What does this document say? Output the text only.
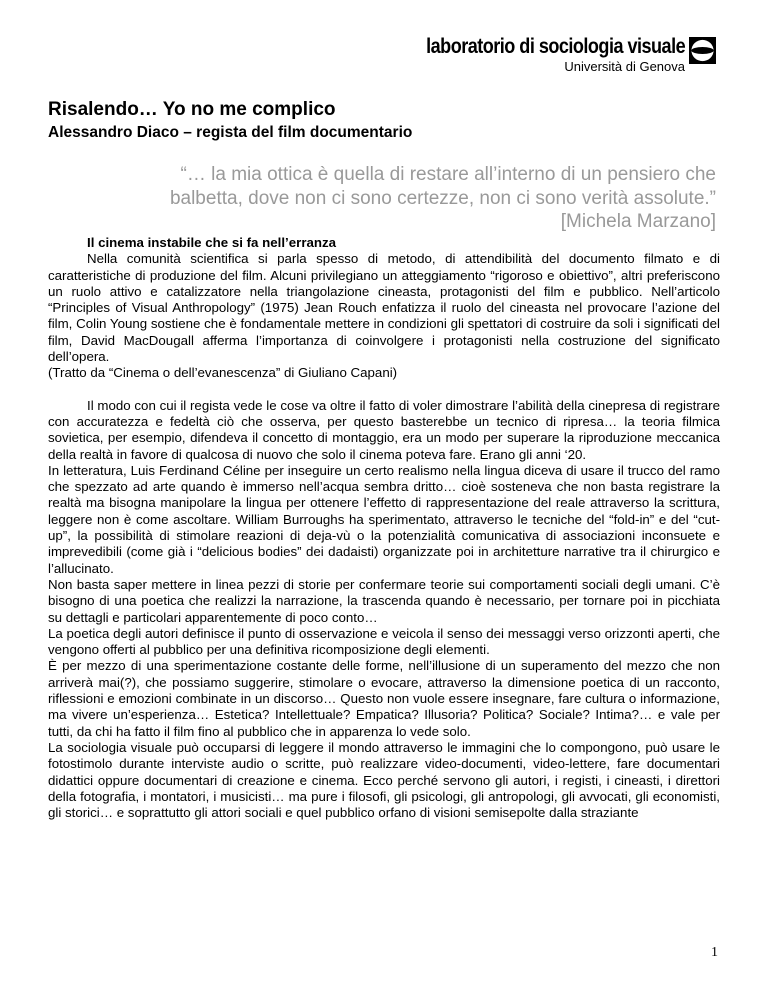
laboratorio di sociologia visuale
Università di Genova
Risalendo… Yo no me complico
Alessandro Diaco – regista del film documentario
“… la mia ottica è quella di restare all’interno di un pensiero che
balbetta, dove non ci sono certezze, non ci sono verità assolute.”
[Michela Marzano]

Il cinema instabile che si fa nell’erranza

Nella comunità scientifica si parla spesso di metodo, di attendibilità del documento filmato e di caratteristiche di produzione del film. Alcuni privilegiano un atteggiamento “rigoroso e obiettivo”, altri preferiscono un ruolo attivo e catalizzatore nella triangolazione cineasta, protagonisti del film e pubblico. Nell’articolo “Principles of Visual Anthropology” (1975) Jean Rouch enfatizza il ruolo del cineasta nel provocare l’azione del film, Colin Young sostiene che è fondamentale mettere in condizioni gli spettatori di costruire da soli i significati del film, David MacDougall afferma l’importanza di coinvolgere i protagonisti nella costruzione del significato dell’opera.

(Tratto da “Cinema o dell’evanescenza” di Giuliano Capani)

Il modo con cui il regista vede le cose va oltre il fatto di voler dimostrare l’abilità della cinepresa di registrare con accuratezza e fedeltà ciò che osserva, per questo basterebbe un tecnico di ripresa… la teoria filmica sovietica, per esempio, difendeva il concetto di montaggio, era un modo per superare la riproduzione meccanica della realtà in favore di qualcosa di nuovo che solo il cinema poteva fare. Erano gli anni ‘20.

In letteratura, Luis Ferdinand Céline per inseguire un certo realismo nella lingua diceva di usare il trucco del ramo che spezzato ad arte quando è immerso nell’acqua sembra dritto… cioè sosteneva che non basta registrare la realtà ma bisogna manipolare la lingua per ottenere l’effetto di rappresentazione del reale attraverso la scrittura, leggere non è come ascoltare. William Burroughs ha sperimentato, attraverso le tecniche del “fold-in” e del “cut-up”, la possibilità di stimolare reazioni di deja-vù o la potenzialità comunicativa di associazioni inconsuete e imprevedibili (come già i “delicious bodies” dei dadaisti) organizzate poi in architetture narrative tra il chirurgico e l’allucinato.

Non basta saper mettere in linea pezzi di storie per confermare teorie sui comportamenti sociali degli umani. C’è bisogno di una poetica che realizzi la narrazione, la trascenda quando è necessario, per tornare poi in picchiata su dettagli e particolari apparentemente di poco conto…

La poetica degli autori definisce il punto di osservazione e veicola il senso dei messaggi verso orizzonti aperti, che vengono offerti al pubblico per una definitiva ricomposizione degli elementi.

È per mezzo di una sperimentazione costante delle forme, nell’illusione di un superamento del mezzo che non arriverà mai(?), che possiamo suggerire, stimolare o evocare, attraverso la dimensione poetica di un racconto, riflessioni e emozioni combinate in un discorso… Questo non vuole essere insegnare, fare cultura o informazione, ma vivere un’esperienza… Estetica? Intellettuale? Empatica? Illusoria? Politica? Sociale? Intima?… e vale per tutti, da chi ha fatto il film fino al pubblico che in apparenza lo vede solo.

La sociologia visuale può occuparsi di leggere il mondo attraverso le immagini che lo compongono, può usare le fotostimolo durante interviste audio o scritte, può realizzare video-documenti, video-lettere, fare documentari didattici oppure documentari di creazione e cinema. Ecco perché servono gli autori, i registi, i cineasti, i direttori della fotografia, i montatori, i musicisti… ma pure i filosofi, gli psicologi, gli antropologi, gli avvocati, gli economisti, gli storici… e soprattutto gli attori sociali e quel pubblico orfano di visioni semisepolte dalla straziante

1
